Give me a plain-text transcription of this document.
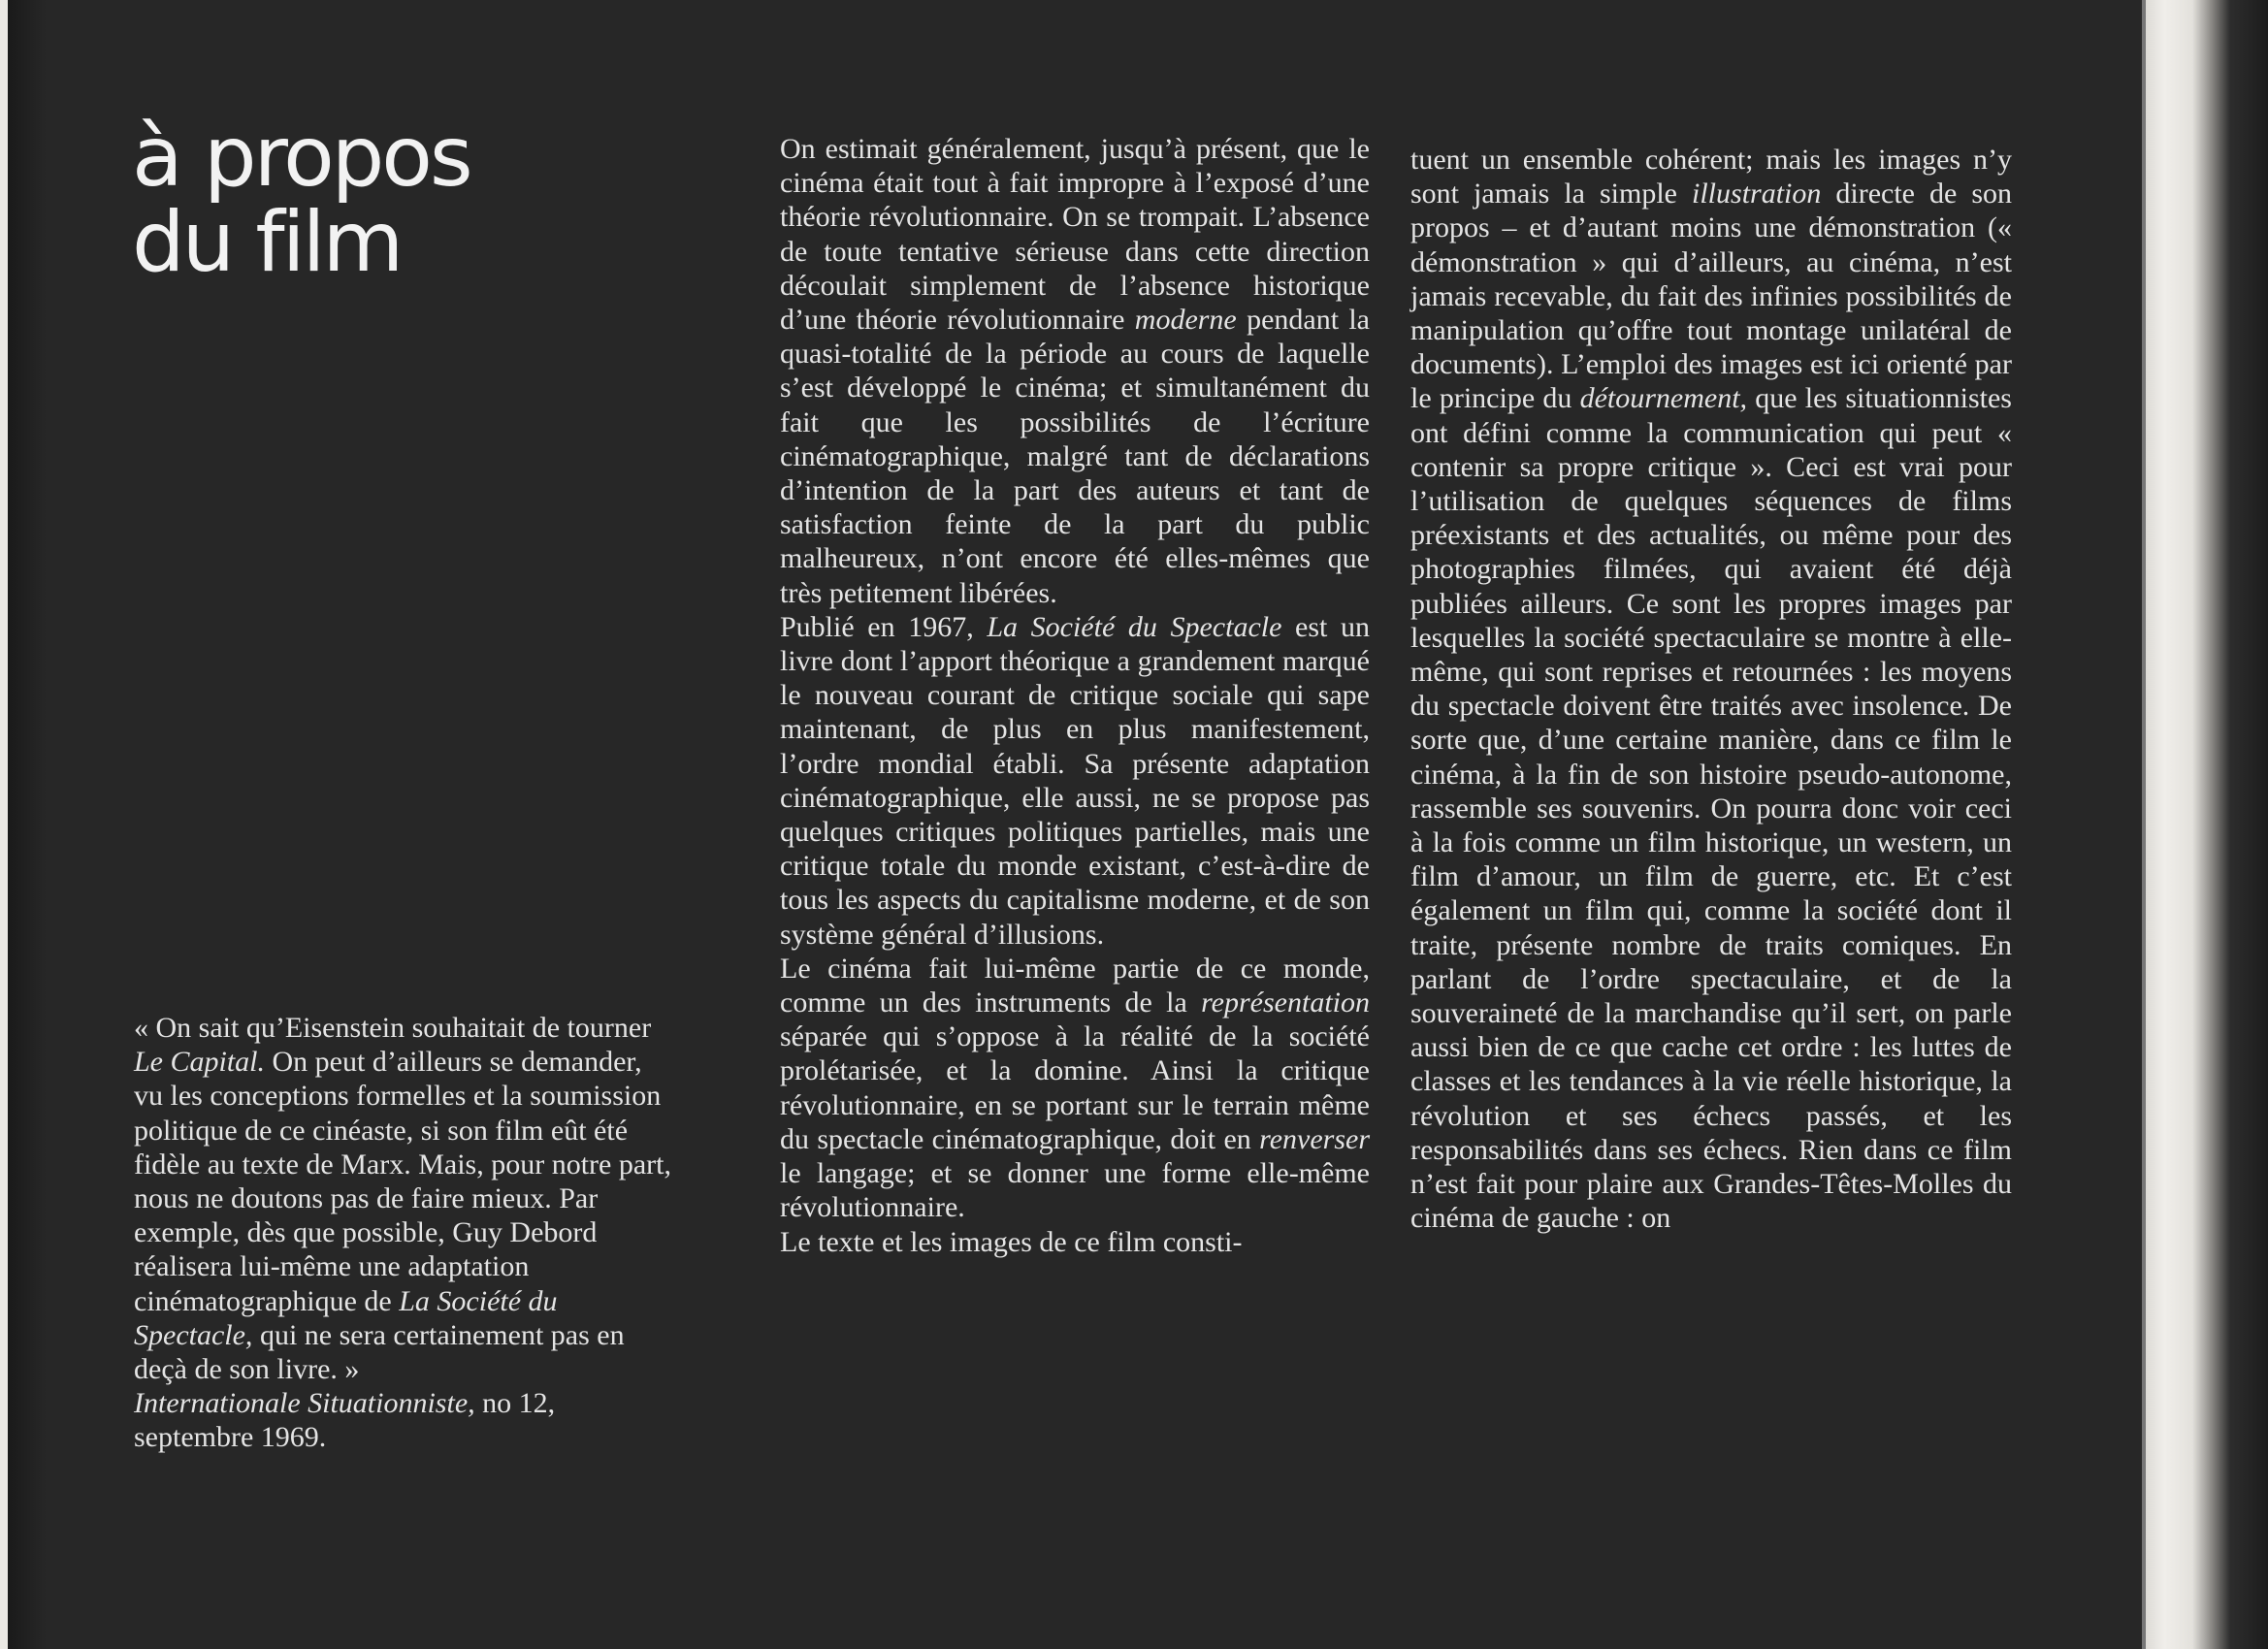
à propos
du film

« On sait qu’Eisenstein souhaitait de tourner Le Capital. On peut d’ailleurs se demander, vu les conceptions formelles et la soumission politique de ce cinéaste, si son film eût été fidèle au texte de Marx. Mais, pour notre part, nous ne doutons pas de faire mieux. Par exemple, dès que possible, Guy Debord réalisera lui-même une adaptation cinématographique de La Société du Spectacle, qui ne sera certainement pas en deçà de son livre. »

Internationale Situationniste, no 12, septembre 1969.

On estimait généralement, jusqu’à présent, que le cinéma était tout à fait impropre à l’exposé d’une théorie révolutionnaire. On se trompait. L’absence de toute tentative sérieuse dans cette direction découlait simplement de l’absence historique d’une théorie révolutionnaire moderne pendant la quasi-totalité de la période au cours de laquelle s’est développé le cinéma; et simultanément du fait que les possibilités de l’écriture cinématographique, malgré tant de déclarations d’intention de la part des auteurs et tant de satisfaction feinte de la part du public malheureux, n’ont encore été elles-mêmes que très petitement libérées.

Publié en 1967, La Société du Spectacle est un livre dont l’apport théorique a grandement marqué le nouveau courant de critique sociale qui sape maintenant, de plus en plus manifestement, l’ordre mondial établi. Sa présente adaptation cinématographique, elle aussi, ne se propose pas quelques critiques politiques partielles, mais une critique totale du monde existant, c’est-à-dire de tous les aspects du capitalisme moderne, et de son système général d’illusions.

Le cinéma fait lui-même partie de ce monde, comme un des instruments de la représentation séparée qui s’oppose à la réalité de la société prolétarisée, et la domine. Ainsi la critique révolutionnaire, en se portant sur le terrain même du spectacle cinématographique, doit en renverser le langage; et se donner une forme elle-même révolutionnaire.

Le texte et les images de ce film consti-

tuent un ensemble cohérent; mais les images n’y sont jamais la simple illustration directe de son propos – et d’autant moins une démonstration (« démonstration » qui d’ailleurs, au cinéma, n’est jamais recevable, du fait des infinies possibilités de manipulation qu’offre tout montage unilatéral de documents). L’emploi des images est ici orienté par le principe du détournement, que les situationnistes ont défini comme la communication qui peut « contenir sa propre critique ». Ceci est vrai pour l’utilisation de quelques séquences de films préexistants et des actualités, ou même pour des photographies filmées, qui avaient été déjà publiées ailleurs. Ce sont les propres images par lesquelles la société spectaculaire se montre à elle-même, qui sont reprises et retournées : les moyens du spectacle doivent être traités avec insolence. De sorte que, d’une certaine manière, dans ce film le cinéma, à la fin de son histoire pseudo-autonome, rassemble ses souvenirs. On pourra donc voir ceci à la fois comme un film historique, un western, un film d’amour, un film de guerre, etc. Et c’est également un film qui, comme la société dont il traite, présente nombre de traits comiques. En parlant de l’ordre spectaculaire, et de la souveraineté de la marchandise qu’il sert, on parle aussi bien de ce que cache cet ordre : les luttes de classes et les tendances à la vie réelle historique, la révolution et ses échecs passés, et les responsabilités dans ses échecs. Rien dans ce film n’est fait pour plaire aux Grandes-Têtes-Molles du cinéma de gauche : on
